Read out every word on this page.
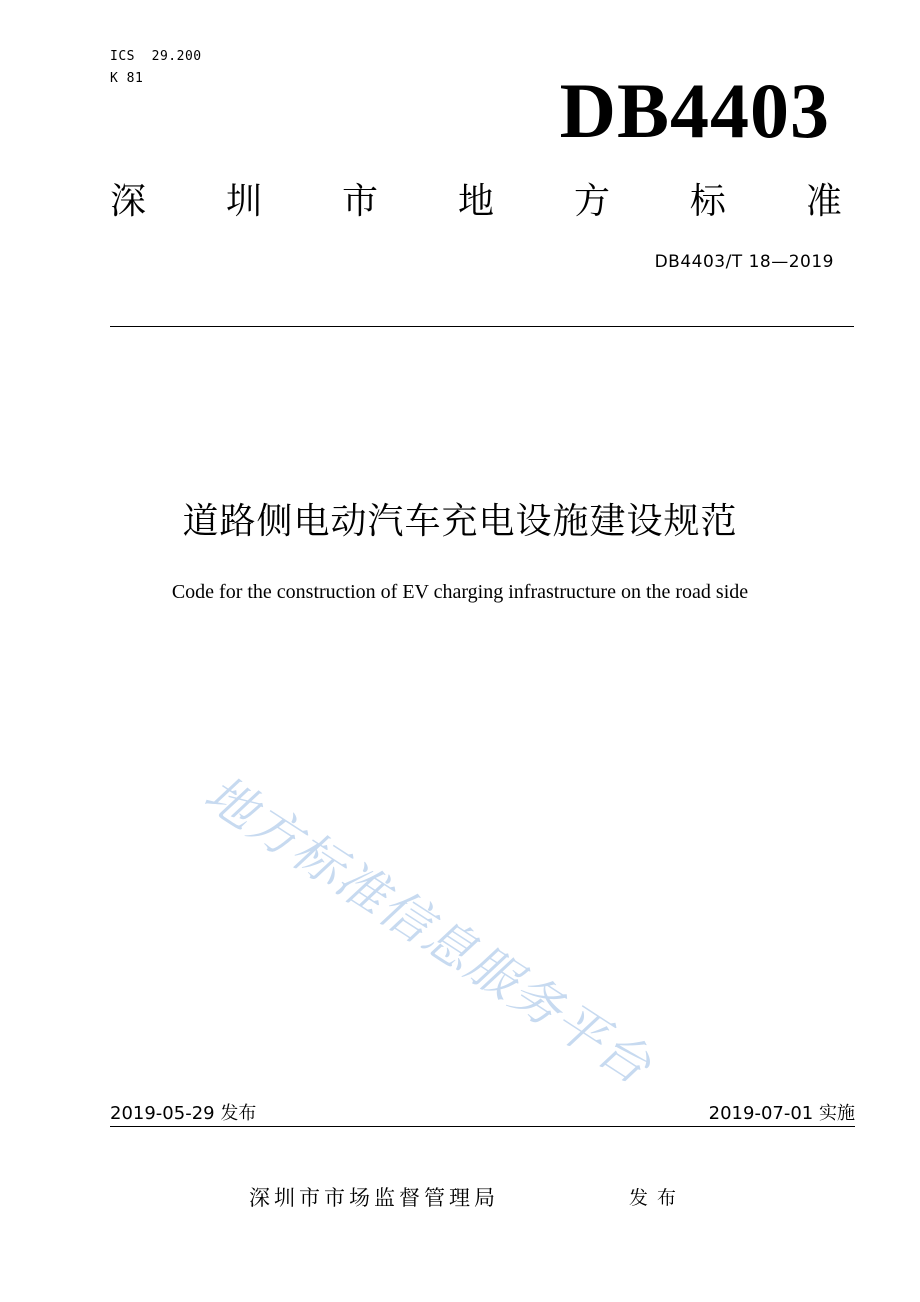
ICS  29.200
K 81	DB4403
深 圳 市 地 方 标 准
DB4403/T 18—2019
道路侧电动汽车充电设施建设规范
Code for the construction of EV charging infrastructure on the road side
地方标准信息服务平台
2019-05-29 发布	2019-07-01 实施
深圳市市场监督管理局	发布
